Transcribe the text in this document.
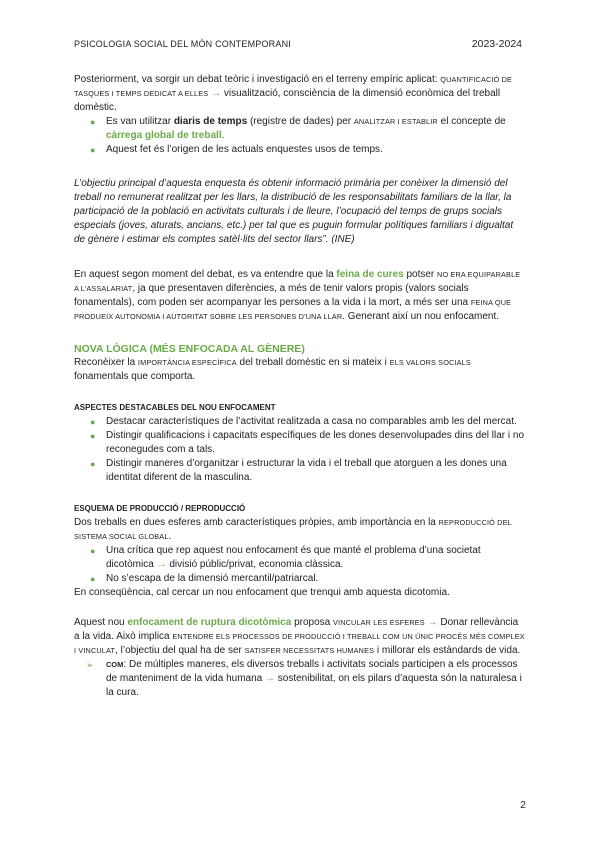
PSICOLOGIA SOCIAL DEL MÓN CONTEMPORANI	2023-2024

Posteriorment, va sorgir un debat teòric i investigació en el terreny empíric aplicat: QUANTIFICACIÓ DE TASQUES I TEMPS DEDICAT A ELLES → visualització, consciència de la dimensió econòmica del treball domèstic.

● Es van utilitzar diaris de temps (registre de dades) per ANALITZAR I ESTABLIR el concepte de càrrega global de treball.
● Aquest fet és l’origen de les actuals enquestes usos de temps.

L’objectiu principal d’aquesta enquesta és obtenir informació primària per conèixer la dimensió del treball no remunerat realitzat per les llars, la distribució de les responsabilitats familiars de la llar, la participació de la població en activitats culturals i de lleure, l’ocupació del temps de grups socials especials (joves, aturats, ancians, etc.) per tal que es puguin formular polítiques familiars i digualtat de gènere i estimar els comptes satèl·lits del sector llars”. (INE)

En aquest segon moment del debat, es va entendre que la feina de cures potser NO ERA EQUIPARABLE A L’ASSALARIAT, ja que presentaven diferències, a més de tenir valors propis (valors socials fonamentals), com poden ser acompanyar les persones a la vida i la mort, a més ser una FEINA QUE PRODUEIX AUTONOMIA I AUTORITAT SOBRE LES PERSONES D’UNA LLAR. Generant així un nou enfocament.

NOVA LÒGICA (MÉS ENFOCADA AL GÈNERE)

Reconèixer la IMPORTÀNCIA ESPECÍFICA del treball domèstic en si mateix i ELS VALORS SOCIALS fonamentals que comporta.

ASPECTES DESTACABLES DEL NOU ENFOCAMENT

● Destacar característiques de l’activitat realitzada a casa no comparables amb les del mercat.
● Distingir qualificacions i capacitats específiques de les dones desenvolupades dins del llar i no reconegudes com a tals.
● Distingir maneres d’organitzar i estructurar la vida i el treball que atorguen a les dones una identitat diferent de la masculina.

ESQUEMA DE PRODUCCIÓ / REPRODUCCIÓ

Dos treballs en dues esferes amb característiques pròpies, amb importància en la REPRODUCCIÓ DEL SISTEMA SOCIAL GLOBAL.

● Una crítica que rep aquest nou enfocament és que manté el problema d’una societat dicotòmica → divisió públic/privat, economia clàssica.
● No s’escapa de la dimensió mercantil/patriarcal.

En conseqüència, cal cercar un nou enfocament que trenqui amb aquesta dicotomia.

Aquest nou enfocament de ruptura dicotòmica proposa VINCULAR LES ESFERES → Donar rellevància a la vida. Això implica ENTENDRE ELS PROCESSOS DE PRODUCCIÓ I TREBALL COM UN ÚNIC PROCÉS MÉS COMPLEX I VINCULAT, l’objectiu del qual ha de ser SATISFER NECESSITATS HUMANES i millorar els estàndards de vida.

➢ COM: De múltiples maneres, els diversos treballs i activitats socials participen a els processos de manteniment de la vida humana → sostenibilitat, on els pilars d’aquesta són la naturalesa i la cura.
2
